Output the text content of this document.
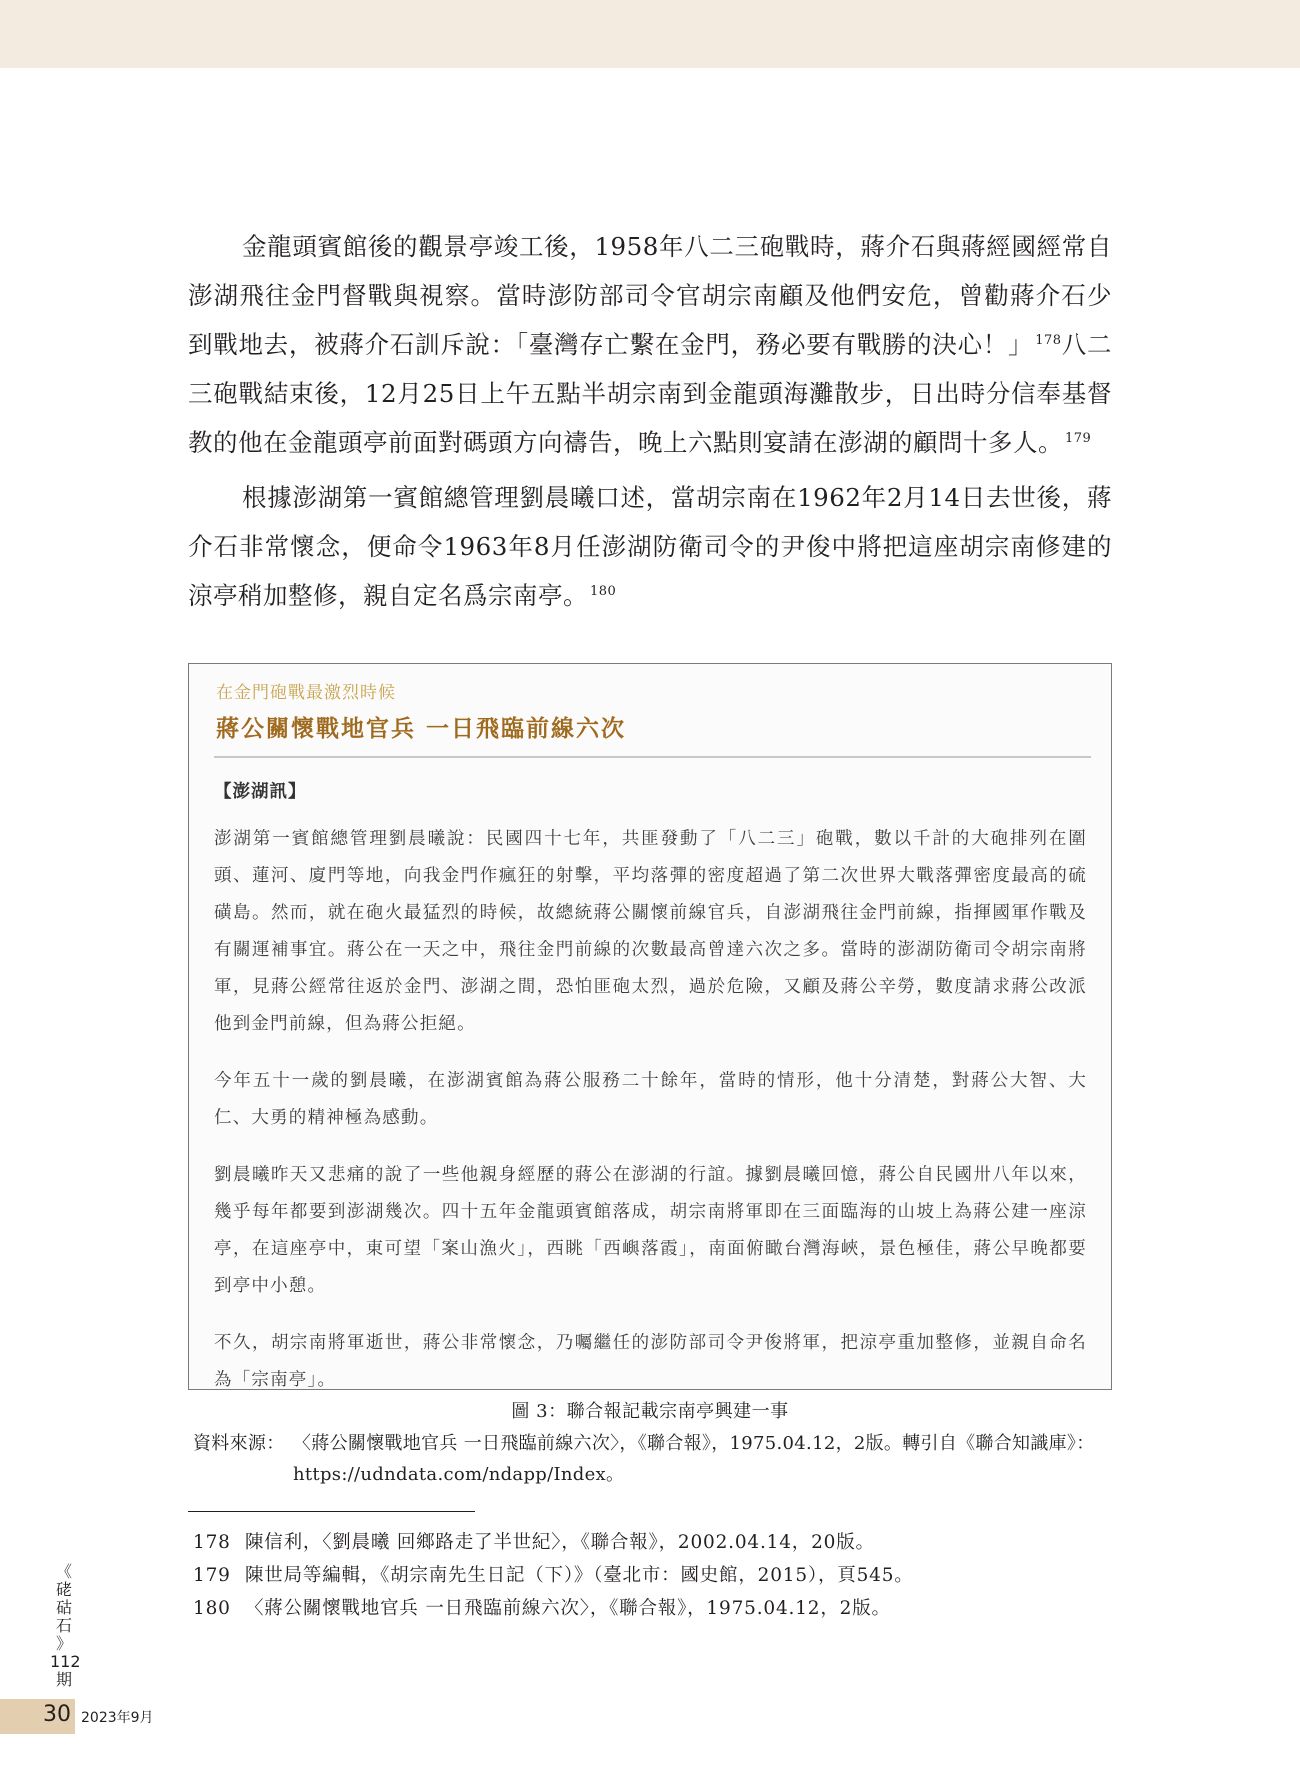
金龍頭賓館後的觀景亭竣工後，1958年八二三砲戰時，蔣介石與蔣經國經常自澎湖飛往金門督戰與視察。當時澎防部司令官胡宗南顧及他們安危，曾勸蔣介石少到戰地去，被蔣介石訓斥說：「臺灣存亡繫在金門，務必要有戰勝的決心！」 $^{178}$八二三砲戰結束後，12月25日上午五點半胡宗南到金龍頭海灘散步，日出時分信奉基督教的他在金龍頭亭前面對碼頭方向禱告，晚上六點則宴請在澎湖的顧問十多人。 $^{179}$

根據澎湖第一賓館總管理劉晨曦口述，當胡宗南在1962年2月14日去世後，蔣介石非常懷念，便命令1963年8月任澎湖防衛司令的尹俊中將把這座胡宗南修建的涼亭稍加整修，親自定名爲宗南亭。 $^{180}$

在金門砲戰最激烈時候
蔣公關懷戰地官兵 一日飛臨前線六次
【澎湖訊】
澎湖第一賓館總管理劉晨曦說：民國四十七年，共匪發動了「八二三」砲戰，數以千計的大砲排列在圍頭、蓮河、廈門等地，向我金門作瘋狂的射擊，平均落彈的密度超過了第二次世界大戰落彈密度最高的硫磺島。然而，就在砲火最猛烈的時候，故總統蔣公關懷前線官兵，自澎湖飛往金門前線，指揮國軍作戰及有關運補事宜。蔣公在一天之中，飛往金門前線的次數最高曾達六次之多。當時的澎湖防衛司令胡宗南將軍，見蔣公經常往返於金門、澎湖之間，恐怕匪砲太烈，過於危險，又顧及蔣公辛勞，數度請求蔣公改派他到金門前線，但為蔣公拒絕。
今年五十一歲的劉晨曦，在澎湖賓館為蔣公服務二十餘年，當時的情形，他十分清楚，對蔣公大智、大仁、大勇的精神極為感動。
劉晨曦昨天又悲痛的說了一些他親身經歷的蔣公在澎湖的行誼。據劉晨曦回憶，蔣公自民國卅八年以來，幾乎每年都要到澎湖幾次。四十五年金龍頭賓館落成，胡宗南將軍即在三面臨海的山坡上為蔣公建一座涼亭，在這座亭中，東可望「案山漁火」，西眺「西嶼落霞」，南面俯瞰台灣海峽，景色極佳，蔣公早晚都要到亭中小憩。
不久，胡宗南將軍逝世，蔣公非常懷念，乃囑繼任的澎防部司令尹俊將軍，把涼亭重加整修，並親自命名為「宗南亭」。
圖 3：聯合報記載宗南亭興建一事
資料來源： 〈蔣公關懷戰地官兵 一日飛臨前線六次〉，《聯合報》，1975.04.12，2版。轉引自《聯合知識庫》：https://udndata.com/ndapp/Index。
178 陳信利，〈劉晨曦 回鄉路走了半世紀〉，《聯合報》，2002.04.14，20版。
179 陳世局等編輯，《胡宗南先生日記（下）》（臺北市：國史館，2015），頁545。
180 〈蔣公關懷戰地官兵 一日飛臨前線六次〉，《聯合報》，1975.04.12，2版。
《
硓
𥑮
石
》
112
期
30 2023年9月
